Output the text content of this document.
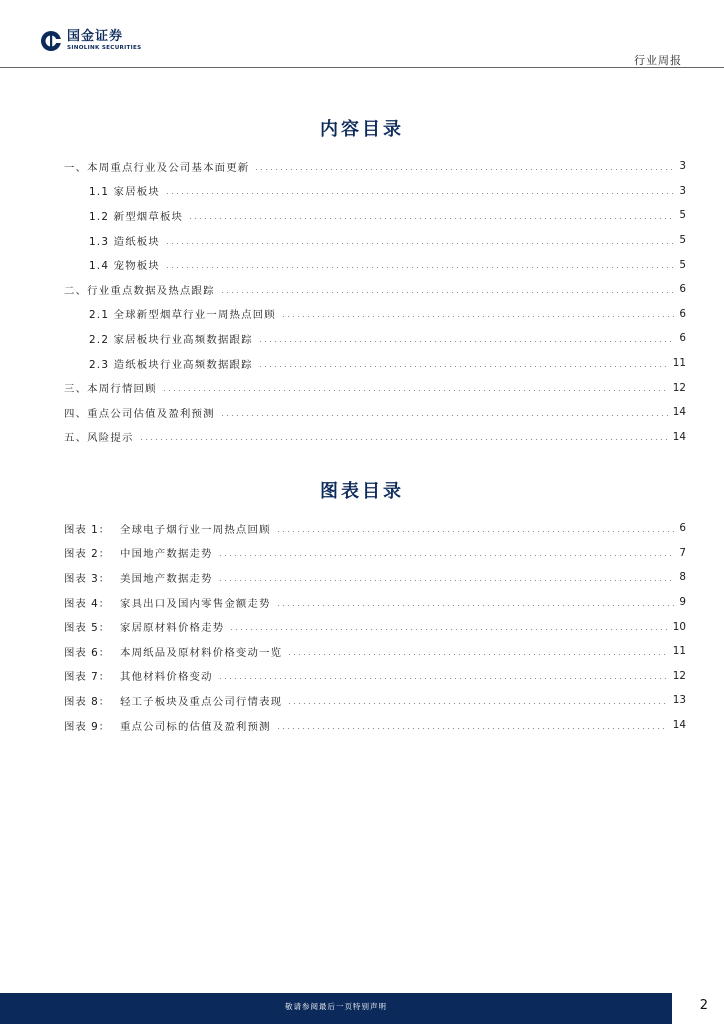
国金证券
SINOLINK SECURITIES
行业周报
内容目录
一、本周重点行业及公司基本面更新	3
1.1 家居板块	3
1.2 新型烟草板块	5
1.3 造纸板块	5
1.4 宠物板块	5
二、行业重点数据及热点跟踪	6
2.1 全球新型烟草行业一周热点回顾	6
2.2 家居板块行业高频数据跟踪	6
2.3 造纸板块行业高频数据跟踪	11
三、本周行情回顾	12
四、重点公司估值及盈利预测	14
五、风险提示	14
图表目录
图表 1： 全球电子烟行业一周热点回顾	6
图表 2： 中国地产数据走势	7
图表 3： 美国地产数据走势	8
图表 4： 家具出口及国内零售金额走势	9
图表 5： 家居原材料价格走势	10
图表 6： 本周纸品及原材料价格变动一览	11
图表 7： 其他材料价格变动	12
图表 8： 轻工子板块及重点公司行情表现	13
图表 9： 重点公司标的估值及盈利预测	14
敬请参阅最后一页特别声明	2
